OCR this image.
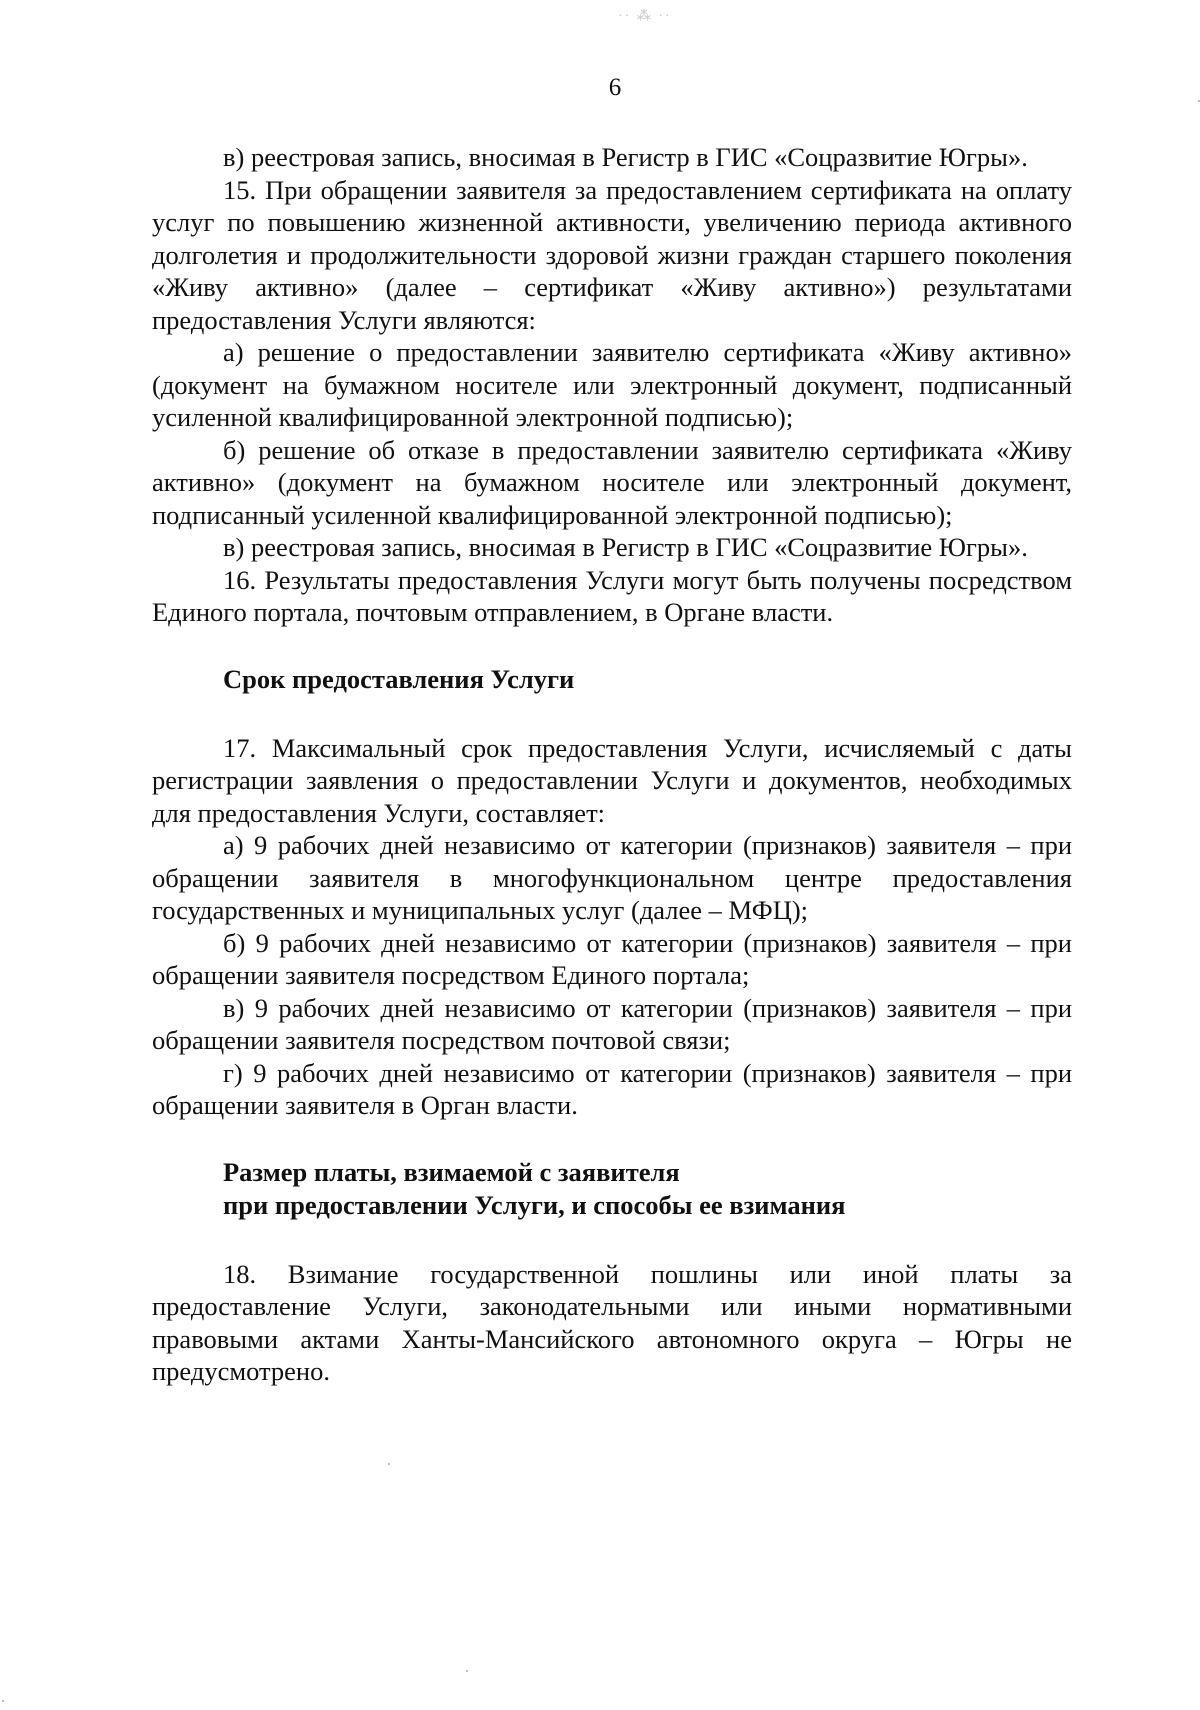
·· ⁂ ··
6

в) реестровая запись, вносимая в Регистр в ГИС «Соцразвитие Югры».

15. При обращении заявителя за предоставлением сертификата на оплату услуг по повышению жизненной активности, увеличению периода активного долголетия и продолжительности здоровой жизни граждан старшего поколения «Живу активно» (далее – сертификат «Живу активно») результатами предоставления Услуги являются:

а) решение о предоставлении заявителю сертификата «Живу активно» (документ на бумажном носителе или электронный документ, подписанный усиленной квалифицированной электронной подписью);

б) решение об отказе в предоставлении заявителю сертификата «Живу активно» (документ на бумажном носителе или электронный документ, подписанный усиленной квалифицированной электронной подписью);

в) реестровая запись, вносимая в Регистр в ГИС «Соцразвитие Югры».

16. Результаты предоставления Услуги могут быть получены посредством Единого портала, почтовым отправлением, в Органе власти.

Срок предоставления Услуги

17. Максимальный срок предоставления Услуги, исчисляемый с даты регистрации заявления о предоставлении Услуги и документов, необходимых для предоставления Услуги, составляет:

а) 9 рабочих дней независимо от категории (признаков) заявителя – при обращении заявителя в многофункциональном центре предоставления государственных и муниципальных услуг (далее – МФЦ);

б) 9 рабочих дней независимо от категории (признаков) заявителя – при обращении заявителя посредством Единого портала;

в) 9 рабочих дней независимо от категории (признаков) заявителя – при обращении заявителя посредством почтовой связи;

г) 9 рабочих дней независимо от категории (признаков) заявителя – при обращении заявителя в Орган власти.

Размер платы, взимаемой с заявителя
при предоставлении Услуги, и способы ее взимания

18. Взимание государственной пошлины или иной платы за предоставление Услуги, законодательными или иными нормативными правовыми актами Ханты-Мансийского автономного округа – Югры не предусмотрено.
